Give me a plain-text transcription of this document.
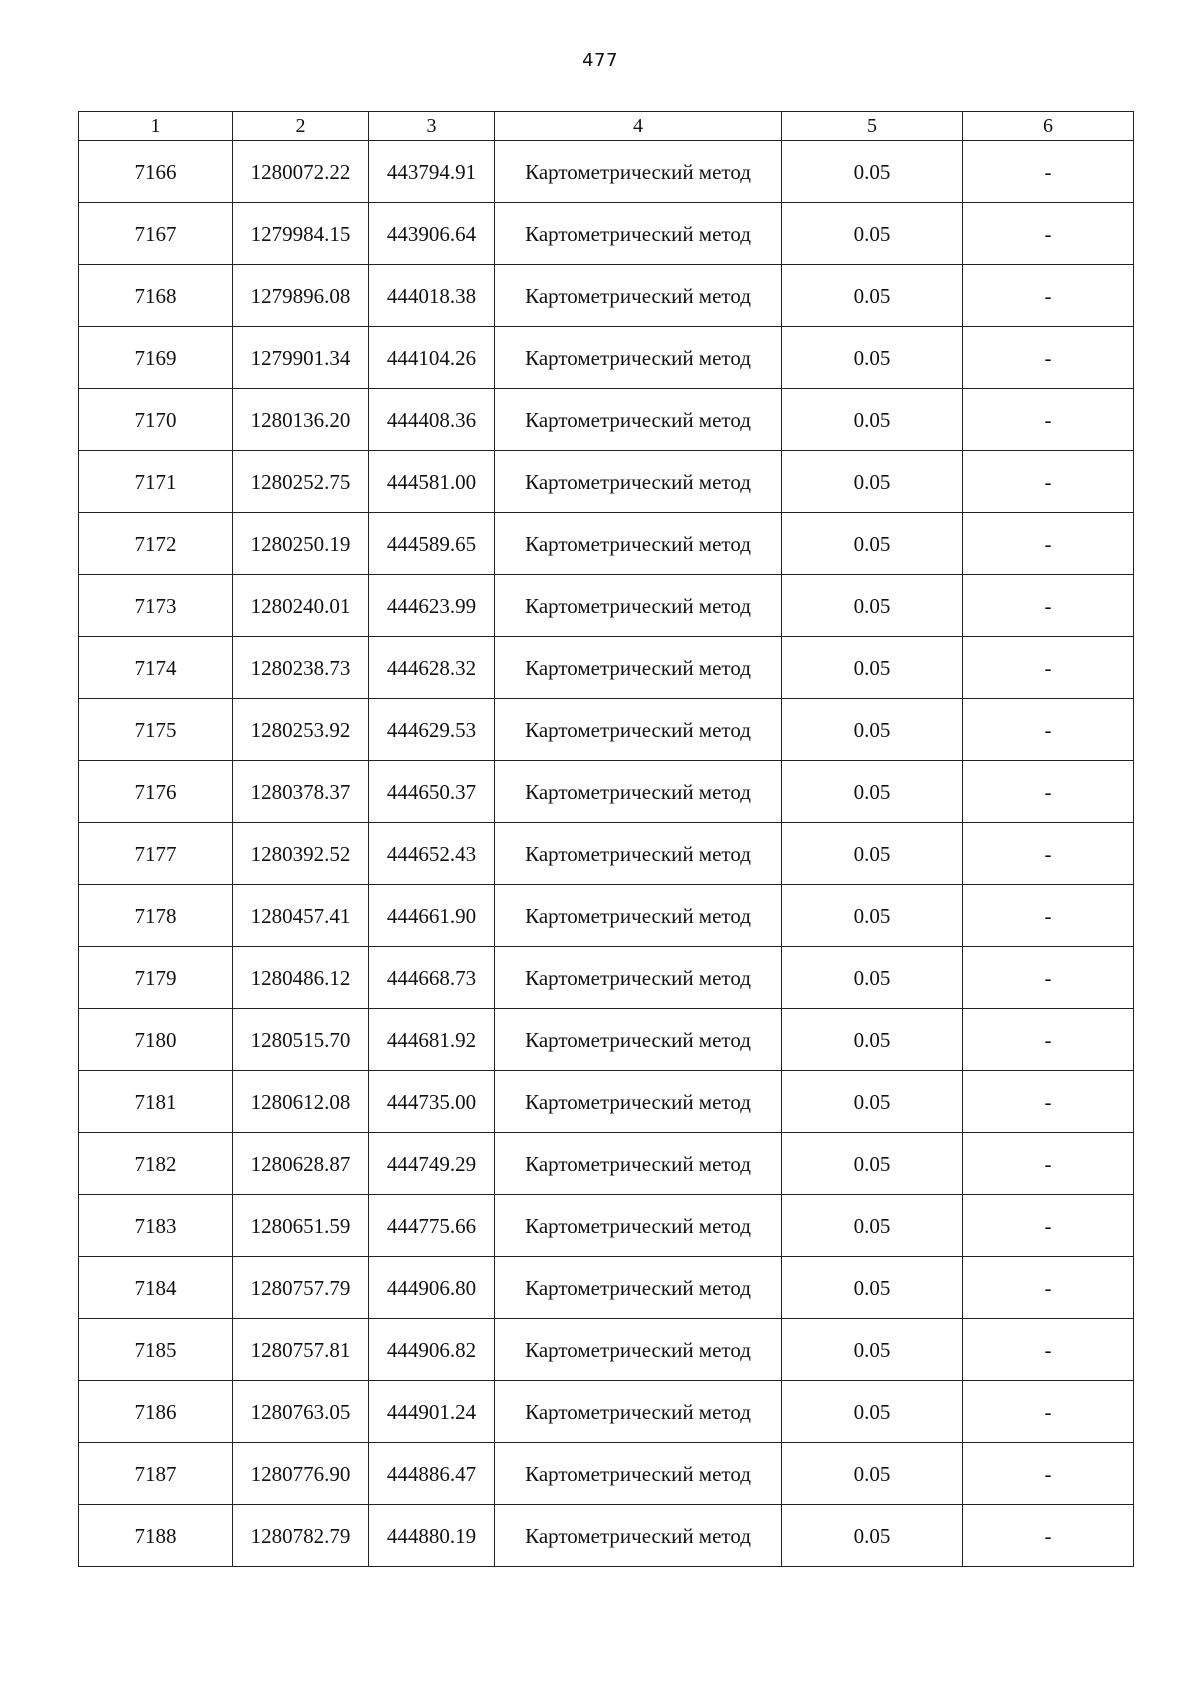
477
1	2	3	4	5	6
7166	1280072.22	443794.91	Картометрический метод	0.05	-
7167	1279984.15	443906.64	Картометрический метод	0.05	-
7168	1279896.08	444018.38	Картометрический метод	0.05	-
7169	1279901.34	444104.26	Картометрический метод	0.05	-
7170	1280136.20	444408.36	Картометрический метод	0.05	-
7171	1280252.75	444581.00	Картометрический метод	0.05	-
7172	1280250.19	444589.65	Картометрический метод	0.05	-
7173	1280240.01	444623.99	Картометрический метод	0.05	-
7174	1280238.73	444628.32	Картометрический метод	0.05	-
7175	1280253.92	444629.53	Картометрический метод	0.05	-
7176	1280378.37	444650.37	Картометрический метод	0.05	-
7177	1280392.52	444652.43	Картометрический метод	0.05	-
7178	1280457.41	444661.90	Картометрический метод	0.05	-
7179	1280486.12	444668.73	Картометрический метод	0.05	-
7180	1280515.70	444681.92	Картометрический метод	0.05	-
7181	1280612.08	444735.00	Картометрический метод	0.05	-
7182	1280628.87	444749.29	Картометрический метод	0.05	-
7183	1280651.59	444775.66	Картометрический метод	0.05	-
7184	1280757.79	444906.80	Картометрический метод	0.05	-
7185	1280757.81	444906.82	Картометрический метод	0.05	-
7186	1280763.05	444901.24	Картометрический метод	0.05	-
7187	1280776.90	444886.47	Картометрический метод	0.05	-
7188	1280782.79	444880.19	Картометрический метод	0.05	-
